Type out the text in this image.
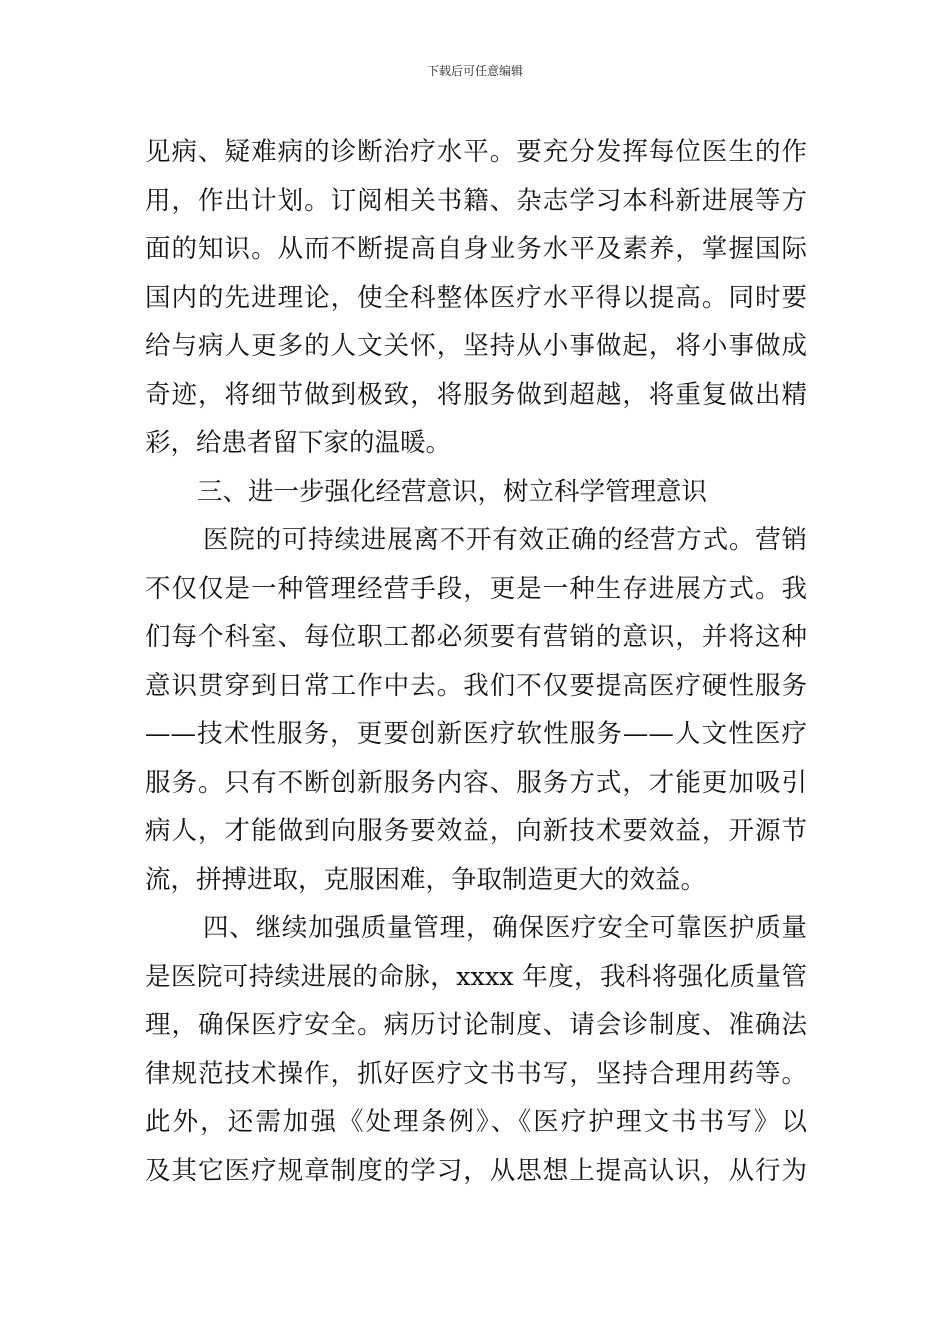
下载后可任意编辑
见病、疑难病的诊断治疗水平。要充分发挥每位医生的作
用，作出计划。订阅相关书籍、杂志学习本科新进展等方
面的知识。从而不断提高自身业务水平及素养，掌握国际
国内的先进理论，使全科整体医疗水平得以提高。同时要
给与病人更多的人文关怀，坚持从小事做起，将小事做成
奇迹，将细节做到极致，将服务做到超越，将重复做出精
彩，给患者留下家的温暖。
三、进一步强化经营意识，树立科学管理意识
医院的可持续进展离不开有效正确的经营方式。营销
不仅仅是一种管理经营手段，更是一种生存进展方式。我
们每个科室、每位职工都必须要有营销的意识，并将这种
意识贯穿到日常工作中去。我们不仅要提高医疗硬性服务
——技术性服务，更要创新医疗软性服务——人文性医疗
服务。只有不断创新服务内容、服务方式，才能更加吸引
病人，才能做到向服务要效益，向新技术要效益，开源节
流，拼搏进取，克服困难，争取制造更大的效益。
四、继续加强质量管理，确保医疗安全可靠医护质量
是医院可持续进展的命脉，xxxx 年度，我科将强化质量管
理，确保医疗安全。病历讨论制度、请会诊制度、准确法
律规范技术操作，抓好医疗文书书写，坚持合理用药等。
此外，还需加强《处理条例》、《医疗护理文书书写》以
及其它医疗规章制度的学习，从思想上提高认识，从行为
